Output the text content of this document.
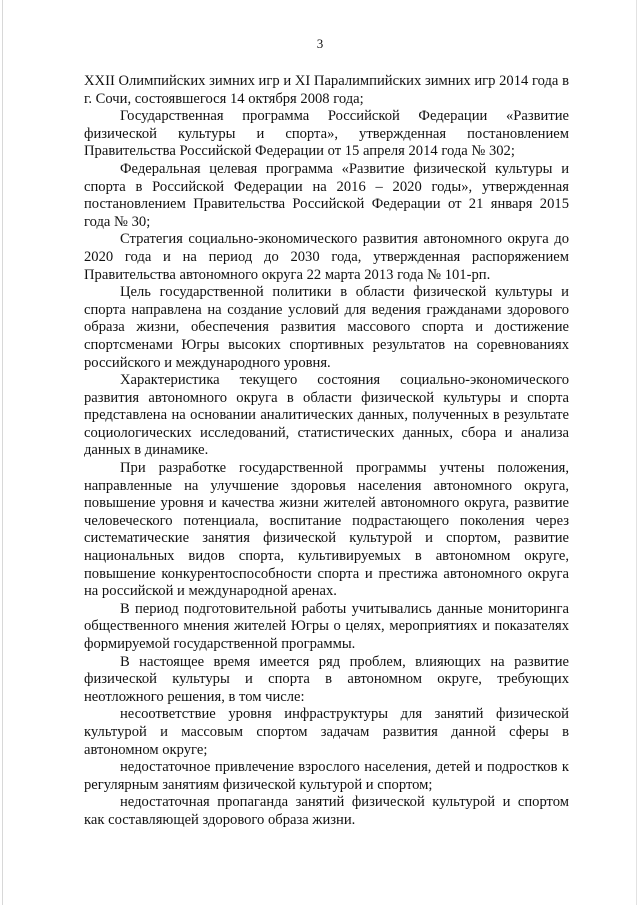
3

XXII Олимпийских зимних игр и XI Паралимпийских зимних игр 2014 года в г. Сочи, состоявшегося 14 октября 2008 года;

Государственная программа Российской Федерации «Развитие физической культуры и спорта», утвержденная постановлением Правительства Российской Федерации от 15 апреля 2014 года № 302;

Федеральная целевая программа «Развитие физической культуры и спорта в Российской Федерации на 2016 – 2020 годы», утвержденная постановлением Правительства Российской Федерации от 21 января 2015 года № 30;

Стратегия социально-экономического развития автономного округа до 2020 года и на период до 2030 года, утвержденная распоряжением Правительства автономного округа 22 марта 2013 года № 101-рп.

Цель государственной политики в области физической культуры и спорта направлена на создание условий для ведения гражданами здорового образа жизни, обеспечения развития массового спорта и достижение спортсменами Югры высоких спортивных результатов на соревнованиях российского и международного уровня.

Характеристика текущего состояния социально-экономического развития автономного округа в области физической культуры и спорта представлена на основании аналитических данных, полученных в результате социологических исследований, статистических данных, сбора и анализа данных в динамике.

При разработке государственной программы учтены положения, направленные на улучшение здоровья населения автономного округа, повышение уровня и качества жизни жителей автономного округа, развитие человеческого потенциала, воспитание подрастающего поколения через систематические занятия физической культурой и спортом, развитие национальных видов спорта, культивируемых в автономном округе, повышение конкурентоспособности спорта и престижа автономного округа на российской и международной аренах.

В период подготовительной работы учитывались данные мониторинга общественного мнения жителей Югры о целях, мероприятиях и показателях формируемой государственной программы.

В настоящее время имеется ряд проблем, влияющих на развитие физической культуры и спорта в автономном округе, требующих неотложного решения, в том числе:

несоответствие уровня инфраструктуры для занятий физической культурой и массовым спортом задачам развития данной сферы в автономном округе;

недостаточное привлечение взрослого населения, детей и подростков к регулярным занятиям физической культурой и спортом;

недостаточная пропаганда занятий физической культурой и спортом как составляющей здорового образа жизни.
